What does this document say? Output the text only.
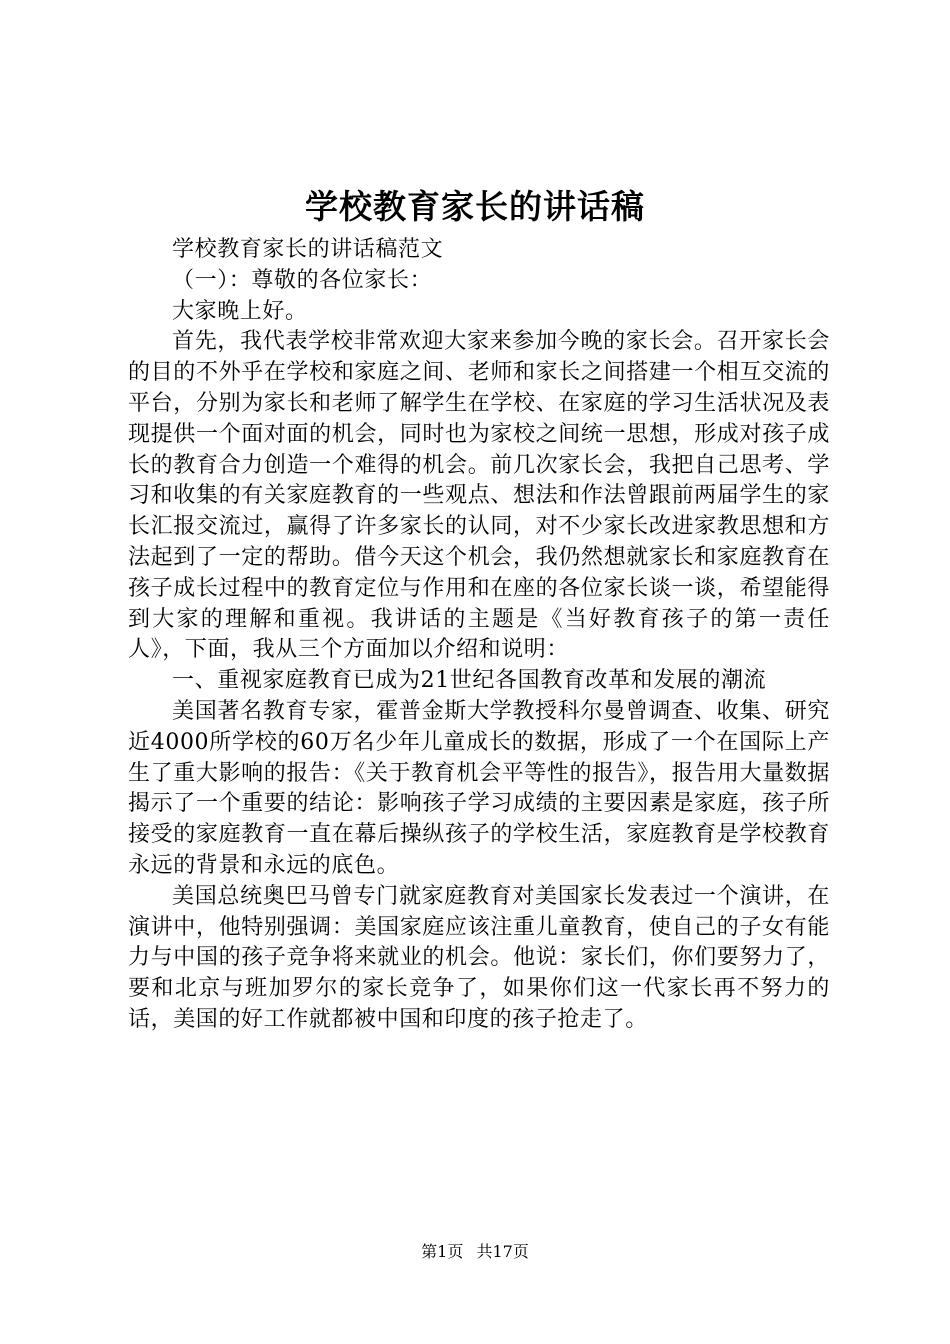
学校教育家长的讲话稿

学校教育家长的讲话稿范文

（一）：尊敬的各位家长：

大家晚上好。

首先，我代表学校非常欢迎大家来参加今晚的家长会。召开家长会的目的不外乎在学校和家庭之间、老师和家长之间搭建一个相互交流的平台，分别为家长和老师了解学生在学校、在家庭的学习生活状况及表现提供一个面对面的机会，同时也为家校之间统一思想，形成对孩子成长的教育合力创造一个难得的机会。前几次家长会，我把自己思考、学习和收集的有关家庭教育的一些观点、想法和作法曾跟前两届学生的家长汇报交流过，赢得了许多家长的认同，对不少家长改进家教思想和方法起到了一定的帮助。借今天这个机会，我仍然想就家长和家庭教育在孩子成长过程中的教育定位与作用和在座的各位家长谈一谈，希望能得到大家的理解和重视。我讲话的主题是《当好教育孩子的第一责任人》，下面，我从三个方面加以介绍和说明：

一、重视家庭教育已成为21世纪各国教育改革和发展的潮流

美国著名教育专家，霍普金斯大学教授科尔曼曾调查、收集、研究近4000所学校的60万名少年儿童成长的数据，形成了一个在国际上产生了重大影响的报告：《关于教育机会平等性的报告》，报告用大量数据揭示了一个重要的结论：影响孩子学习成绩的主要因素是家庭，孩子所接受的家庭教育一直在幕后操纵孩子的学校生活，家庭教育是学校教育永远的背景和永远的底色。

美国总统奥巴马曾专门就家庭教育对美国家长发表过一个演讲，在演讲中，他特别强调：美国家庭应该注重儿童教育，使自己的子女有能力与中国的孩子竞争将来就业的机会。他说：家长们，你们要努力了，要和北京与班加罗尔的家长竞争了，如果你们这一代家长再不努力的话，美国的好工作就都被中国和印度的孩子抢走了。

第1页 共17页
